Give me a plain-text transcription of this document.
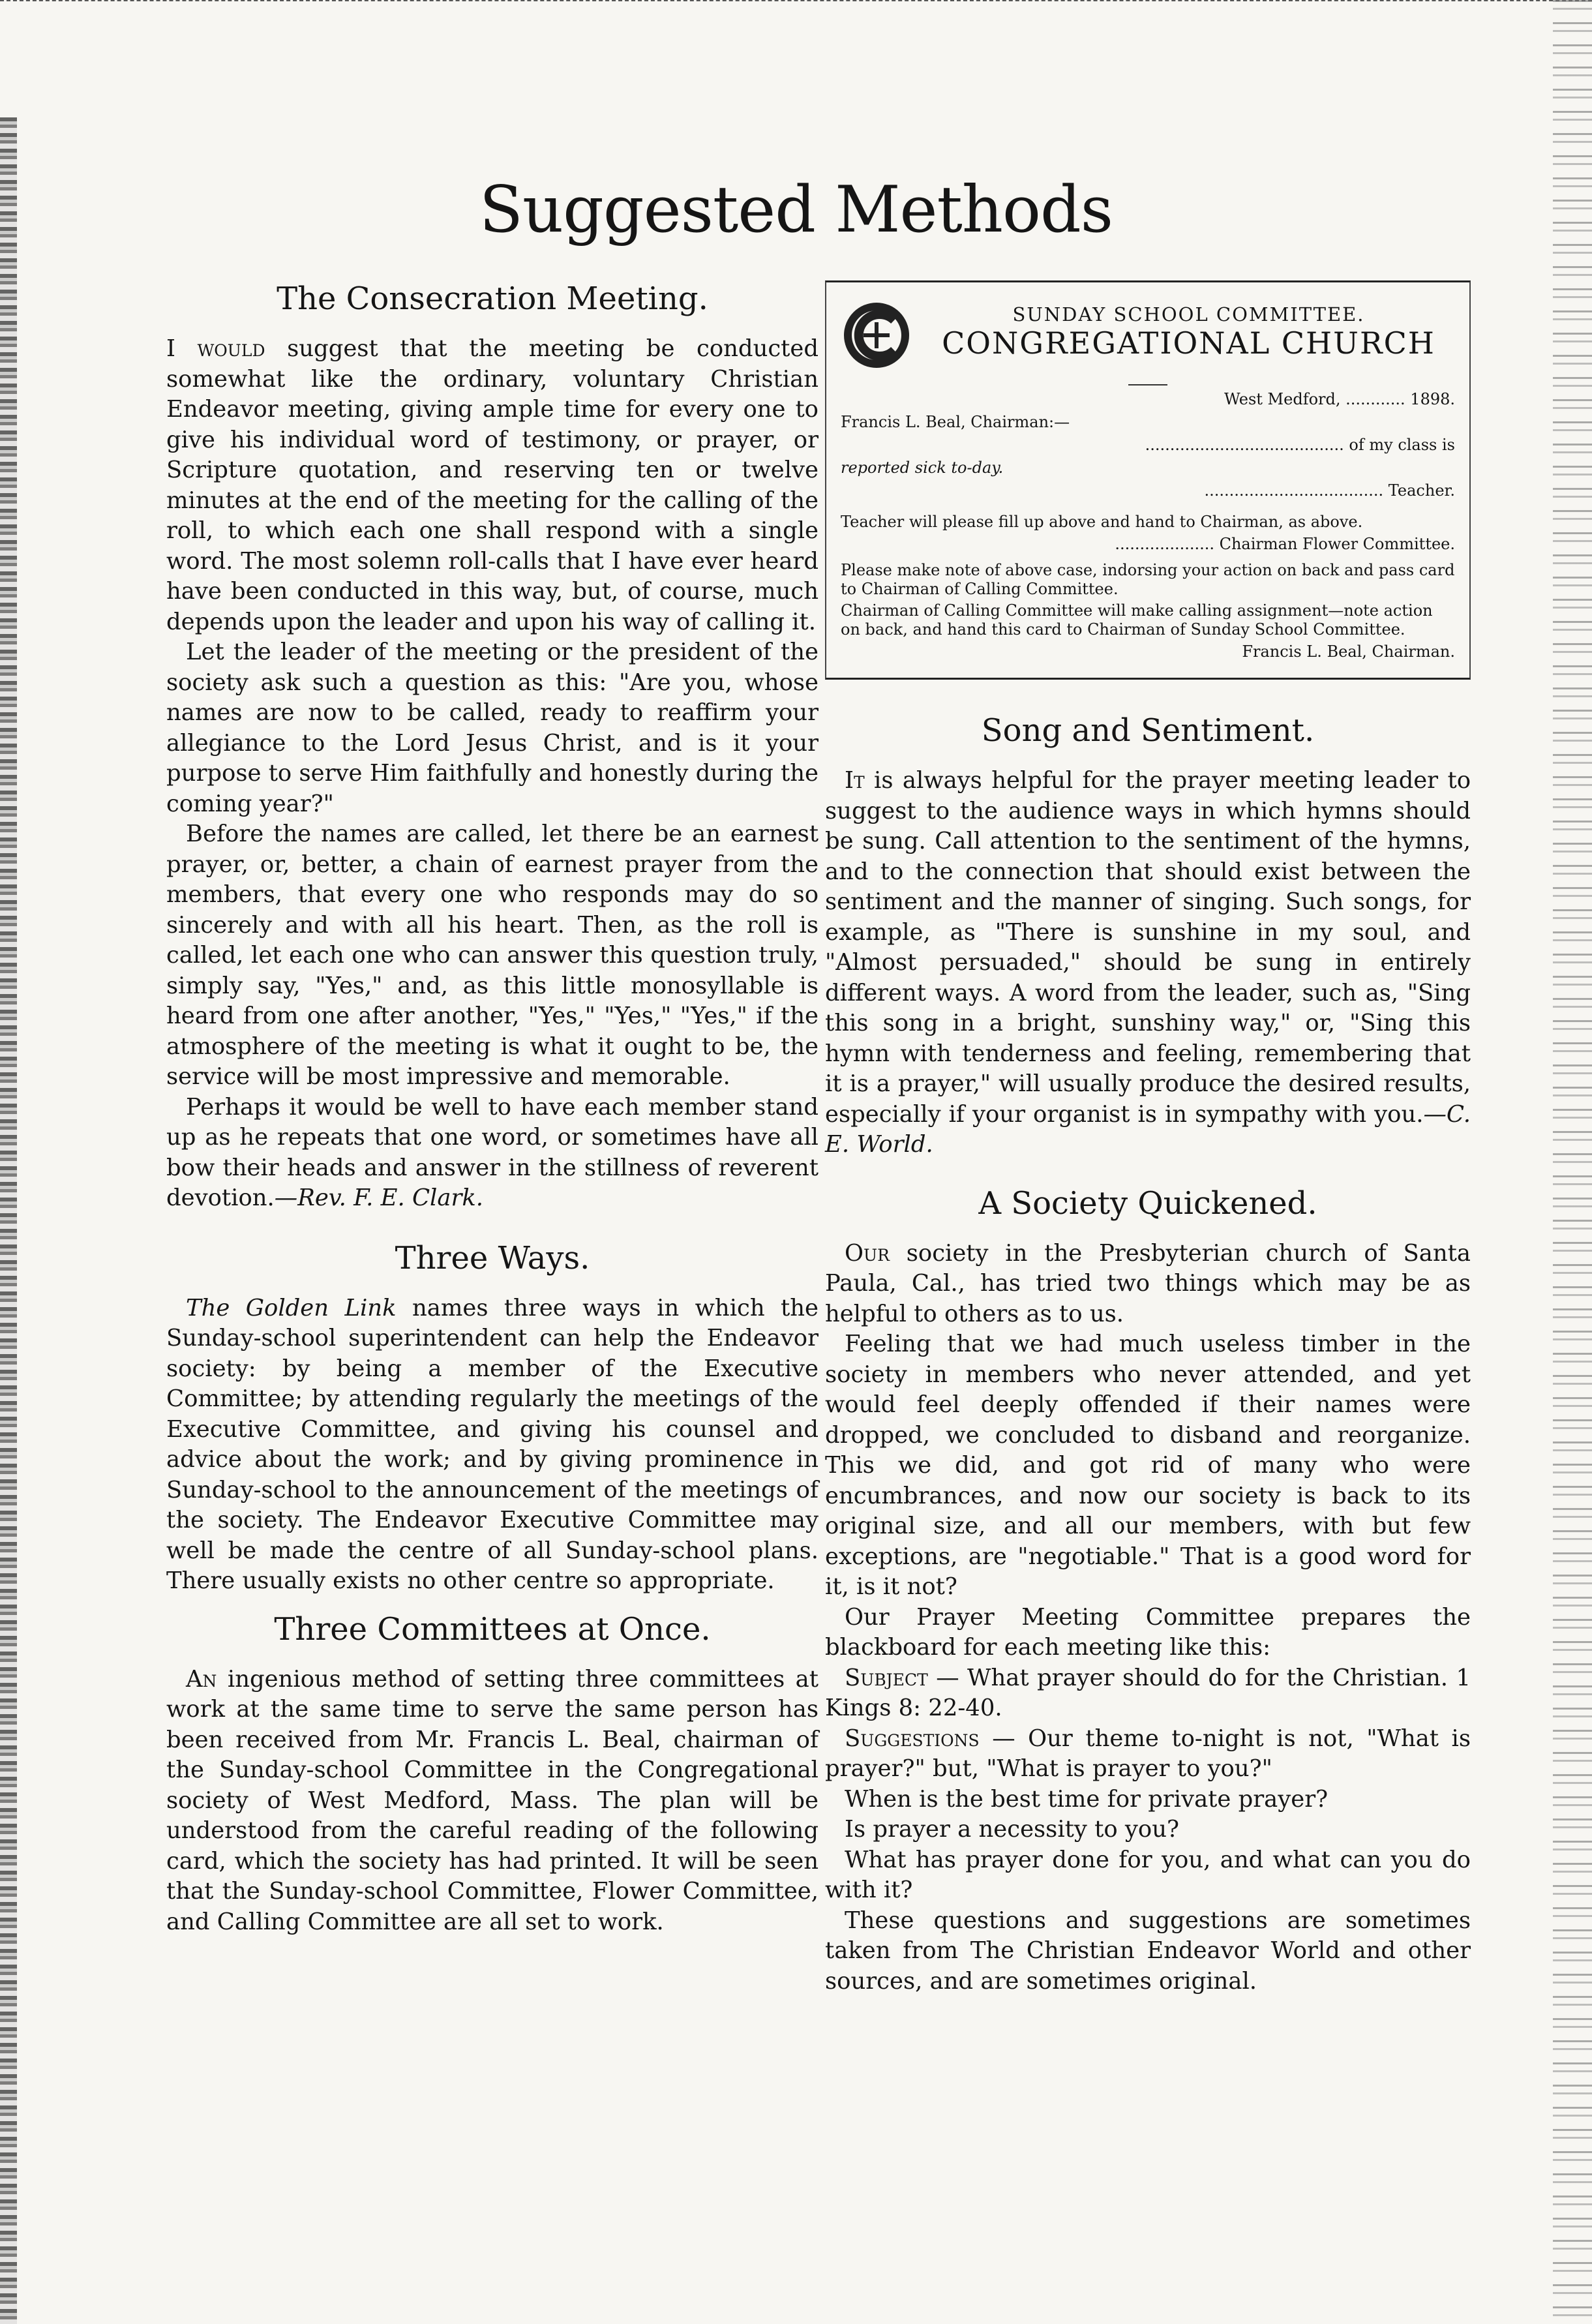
Suggested Methods
The Consecration Meeting.

I would suggest that the meeting be conducted somewhat like the ordinary, voluntary Christian Endeavor meeting, giving ample time for every one to give his individual word of testimony, or prayer, or Scripture quotation, and reserving ten or twelve minutes at the end of the meeting for the calling of the roll, to which each one shall respond with a single word. The most solemn roll-calls that I have ever heard have been conducted in this way, but, of course, much depends upon the leader and upon his way of calling it.

Let the leader of the meeting or the president of the society ask such a question as this: "Are you, whose names are now to be called, ready to reaffirm your allegiance to the Lord Jesus Christ, and is it your purpose to serve Him faithfully and honestly during the coming year?"

Before the names are called, let there be an earnest prayer, or, better, a chain of earnest prayer from the members, that every one who responds may do so sincerely and with all his heart. Then, as the roll is called, let each one who can answer this question truly, simply say, "Yes," and, as this little monosyllable is heard from one after another, "Yes," "Yes," "Yes," if the atmosphere of the meeting is what it ought to be, the service will be most impressive and memorable.

Perhaps it would be well to have each member stand up as he repeats that one word, or sometimes have all bow their heads and answer in the stillness of reverent devotion.—Rev. F. E. Clark.

Three Ways.

The Golden Link names three ways in which the Sunday-school superintendent can help the Endeavor society: by being a member of the Executive Committee; by attending regularly the meetings of the Executive Committee, and giving his counsel and advice about the work; and by giving prominence in Sunday-school to the announcement of the meetings of the society. The Endeavor Executive Committee may well be made the centre of all Sunday-school plans. There usually exists no other centre so appropriate.

Three Committees at Once.

An ingenious method of setting three committees at work at the same time to serve the same person has been received from Mr. Francis L. Beal, chairman of the Sunday-school Committee in the Congregational society of West Medford, Mass. The plan will be understood from the careful reading of the following card, which the society has had printed. It will be seen that the Sunday-school Committee, Flower Committee, and Calling Committee are all set to work.

SUNDAY SCHOOL COMMITTEE.
CONGREGATIONAL CHURCH

West Medford, ............ 1898.

Francis L. Beal, Chairman:—

........................................ of my class is

reported sick to-day.

.................................... Teacher.

Teacher will please fill up above and hand to Chairman, as above.

.................... Chairman Flower Committee.

Please make note of above case, indorsing your action on back and pass card to Chairman of Calling Committee.

Chairman of Calling Committee will make calling assignment—note action on back, and hand this card to Chairman of Sunday School Committee.

Francis L. Beal, Chairman.

Song and Sentiment.

It is always helpful for the prayer meeting leader to suggest to the audience ways in which hymns should be sung. Call attention to the sentiment of the hymns, and to the connection that should exist between the sentiment and the manner of singing. Such songs, for example, as "There is sunshine in my soul, and "Almost persuaded," should be sung in entirely different ways. A word from the leader, such as, "Sing this song in a bright, sunshiny way," or, "Sing this hymn with tenderness and feeling, remembering that it is a prayer," will usually produce the desired results, especially if your organist is in sympathy with you.—C. E. World.

A Society Quickened.

Our society in the Presbyterian church of Santa Paula, Cal., has tried two things which may be as helpful to others as to us.

Feeling that we had much useless timber in the society in members who never attended, and yet would feel deeply offended if their names were dropped, we concluded to disband and reorganize. This we did, and got rid of many who were encumbrances, and now our society is back to its original size, and all our members, with but few exceptions, are "negotiable." That is a good word for it, is it not?

Our Prayer Meeting Committee prepares the blackboard for each meeting like this:

Subject — What prayer should do for the Christian. 1 Kings 8: 22-40.

Suggestions — Our theme to-night is not, "What is prayer?" but, "What is prayer to you?"

When is the best time for private prayer?

Is prayer a necessity to you?

What has prayer done for you, and what can you do with it?

These questions and suggestions are sometimes taken from The Christian Endeavor World and other sources, and are sometimes original.
